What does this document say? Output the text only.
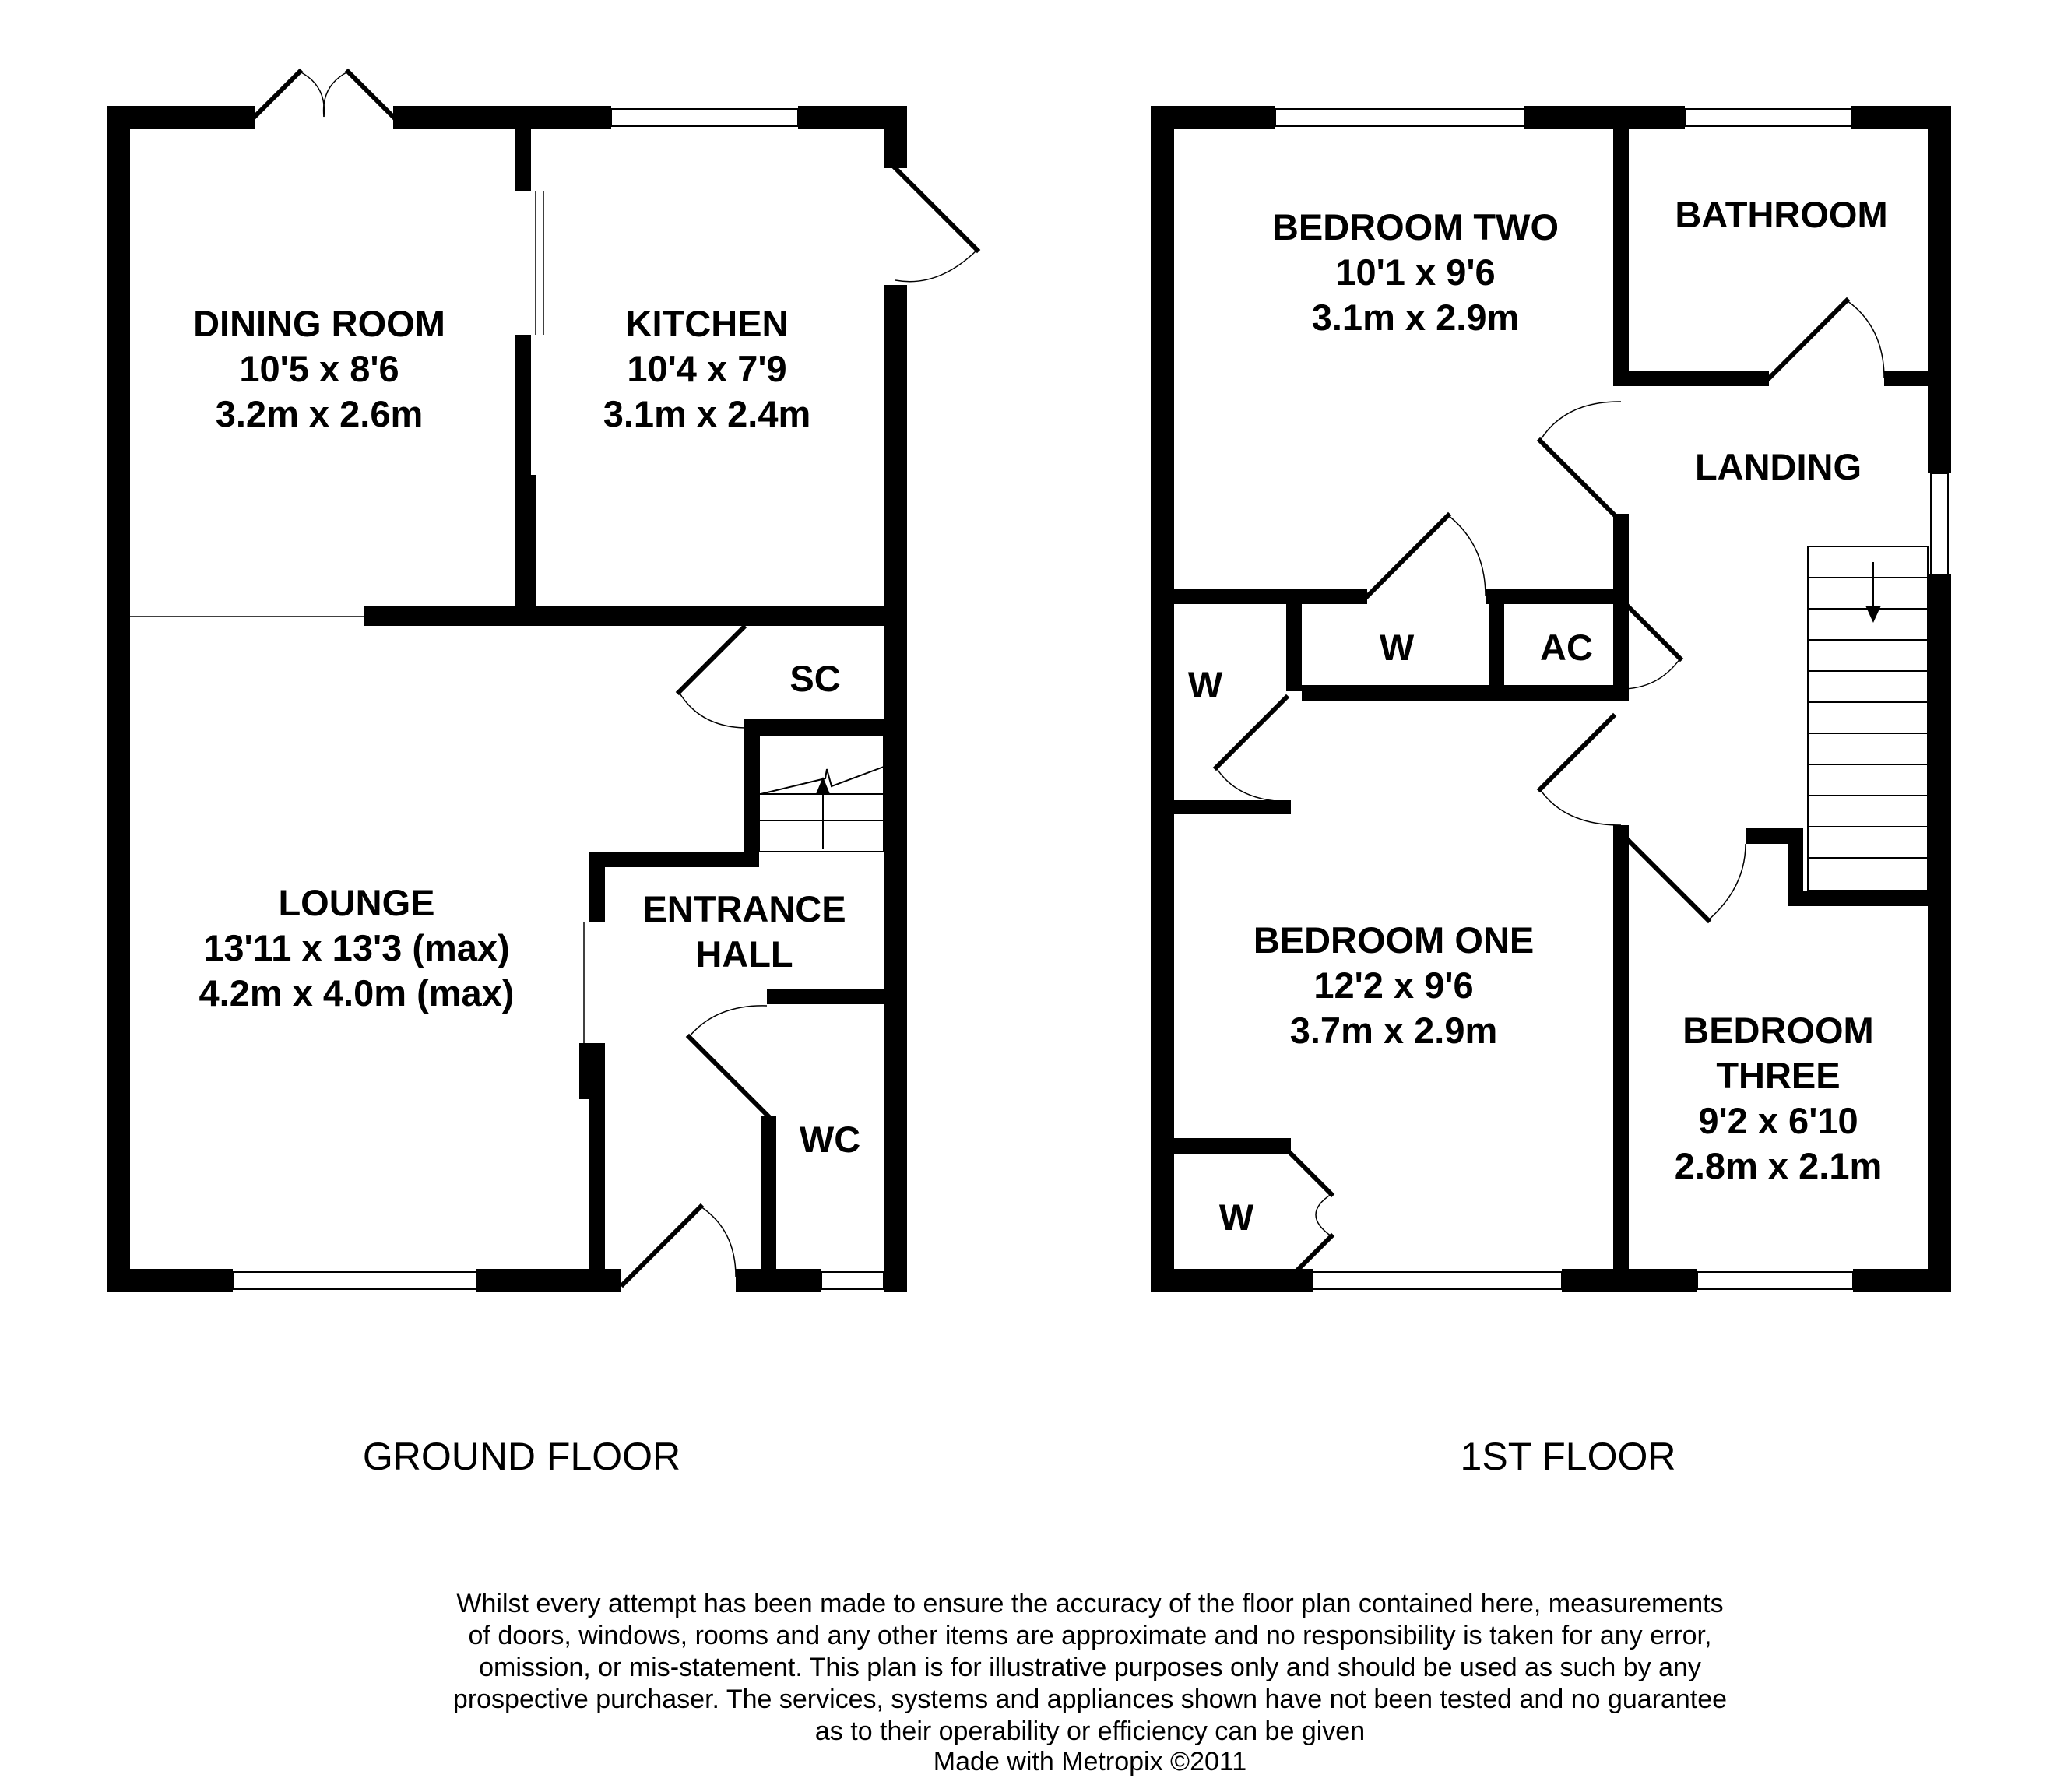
DINING ROOM
10'5 x 8'6
3.2m x 2.6m
KITCHEN
10'4 x 7'9
3.1m x 2.4m
LOUNGE
13'11 x 13'3 (max)
4.2m x 4.0m (max)
ENTRANCE
HALL
SC
WC
GROUND FLOOR
BEDROOM TWO
10'1 x 9'6
3.1m x 2.9m
BATHROOM
LANDING
BEDROOM ONE
12'2 x 9'6
3.7m x 2.9m	BEDROOM
THREE
9'2 x 6'10
2.8m x 2.1m
W
W
W
AC
1ST FLOOR
Whilst every attempt has been made to ensure the accuracy of the floor plan contained here, measurements of doors, windows, rooms and any other items are approximate and no responsibility is taken for any error, omission, or mis-statement. This plan is for illustrative purposes only and should be used as such by any prospective purchaser. The services, systems and appliances shown have not been tested and no guarantee as to their operability or efficiency can be given
Made with Metropix ©2011
